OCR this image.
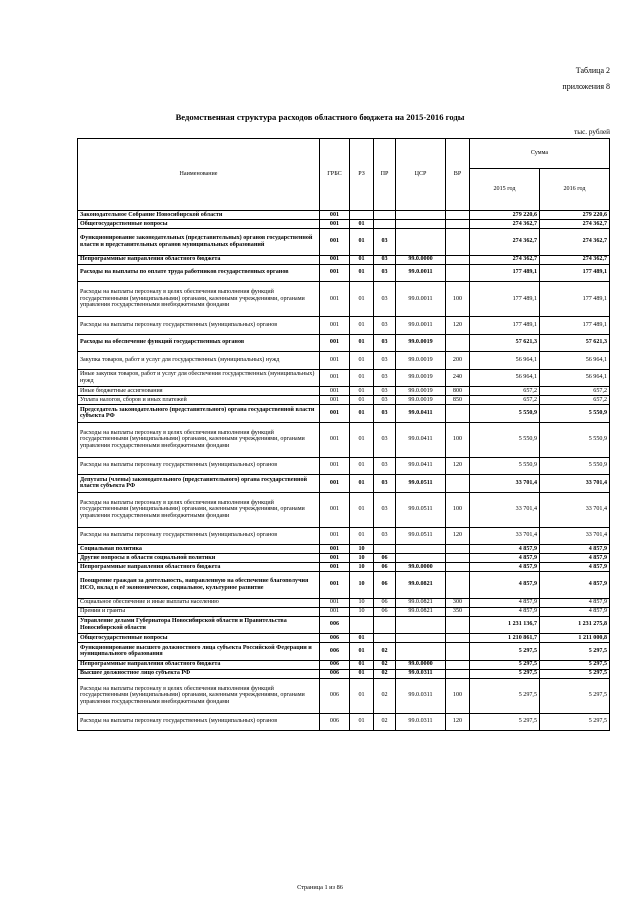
Таблица 2
приложения 8
Ведомственная структура расходов областного бюджета на 2015-2016 годы
тыс. рублей
Наименование	ГРБС	РЗ	ПР	ЦСР	ВР	Сумма	
						2015 год	2016 год
Законодательное Собрание Новосибирской области	001					279 220,6	279 220,6
Общегосударственные вопросы	001	01				274 362,7	274 362,7
Функционирование законодательных (представительных) органов государственной власти и представительных органов муниципальных образований	001	01	03			274 362,7	274 362,7
Непрограммные направления областного бюджета	001	01	03	99.0.0000		274 362,7	274 362,7
Расходы на выплаты по оплате труда работников государственных органов	001	01	03	99.0.0011		177 489,1	177 489,1
Расходы на выплаты персоналу в целях обеспечения выполнения функций государственными (муниципальными) органами, казенными учреждениями, органами управления государственными внебюджетными фондами	001	01	03	99.0.0011	100	177 489,1	177 489,1
Расходы на выплаты персоналу государственных (муниципальных) органов	001	01	03	99.0.0011	120	177 489,1	177 489,1
Расходы на обеспечение функций государственных органов	001	01	03	99.0.0019		57 621,3	57 621,3
Закупка товаров, работ и услуг для государственных (муниципальных) нужд	001	01	03	99.0.0019	200	56 964,1	56 964,1
Иные закупки товаров, работ и услуг для обеспечения государственных (муниципальных) нужд	001	01	03	99.0.0019	240	56 964,1	56 964,1
Иные бюджетные ассигнования	001	01	03	99.0.0019	800	657,2	657,2
Уплата налогов, сборов и иных платежей	001	01	03	99.0.0019	850	657,2	657,2
Председатель законодательного (представительного) органа государственной власти субъекта РФ	001	01	03	99.0.0411		5 550,9	5 550,9
Расходы на выплаты персоналу в целях обеспечения выполнения функций государственными (муниципальными) органами, казенными учреждениями, органами управления государственными внебюджетными фондами	001	01	03	99.0.0411	100	5 550,9	5 550,9
Расходы на выплаты персоналу государственных (муниципальных) органов	001	01	03	99.0.0411	120	5 550,9	5 550,9
Депутаты (члены) законодательного (представительного) органа государственной власти субъекта РФ	001	01	03	99.0.0511		33 701,4	33 701,4
Расходы на выплаты персоналу в целях обеспечения выполнения функций государственными (муниципальными) органами, казенными учреждениями, органами управления государственными внебюджетными фондами	001	01	03	99.0.0511	100	33 701,4	33 701,4
Расходы на выплаты персоналу государственных (муниципальных) органов	001	01	03	99.0.0511	120	33 701,4	33 701,4
Социальная политика	001	10				4 857,9	4 857,9
Другие вопросы в области социальной политики	001	10	06			4 857,9	4 857,9
Непрограммные направления областного бюджета	001	10	06	99.0.0000		4 857,9	4 857,9
Поощрение граждан за деятельность, направленную на обеспечение благополучия НСО, вклад в её экономическое, социальное, культурное развитие	001	10	06	99.0.0821		4 857,9	4 857,9
Социальное обеспечение и иные выплаты населению	001	10	06	99.0.0821	300	4 857,9	4 857,9
Премии и гранты	001	10	06	99.0.0821	350	4 857,9	4 857,9
Управление делами Губернатора Новосибирской области и Правительства Новосибирской области	006					1 231 136,7	1 231 275,8
Общегосударственные вопросы	006	01				1 210 861,7	1 211 000,8
Функционирование высшего должностного лица субъекта Российской Федерации и муниципального образования	006	01	02			5 297,5	5 297,5
Непрограммные направления областного бюджета	006	01	02	99.0.0000		5 297,5	5 297,5
Высшее должностное лицо субъекта РФ	006	01	02	99.0.0311		5 297,5	5 297,5
Расходы на выплаты персоналу в целях обеспечения выполнения функций государственными (муниципальными) органами, казенными учреждениями, органами управления государственными внебюджетными фондами	006	01	02	99.0.0311	100	5 297,5	5 297,5
Расходы на выплаты персоналу государственных (муниципальных) органов	006	01	02	99.0.0311	120	5 297,5	5 297,5
Страница 1 из 86
